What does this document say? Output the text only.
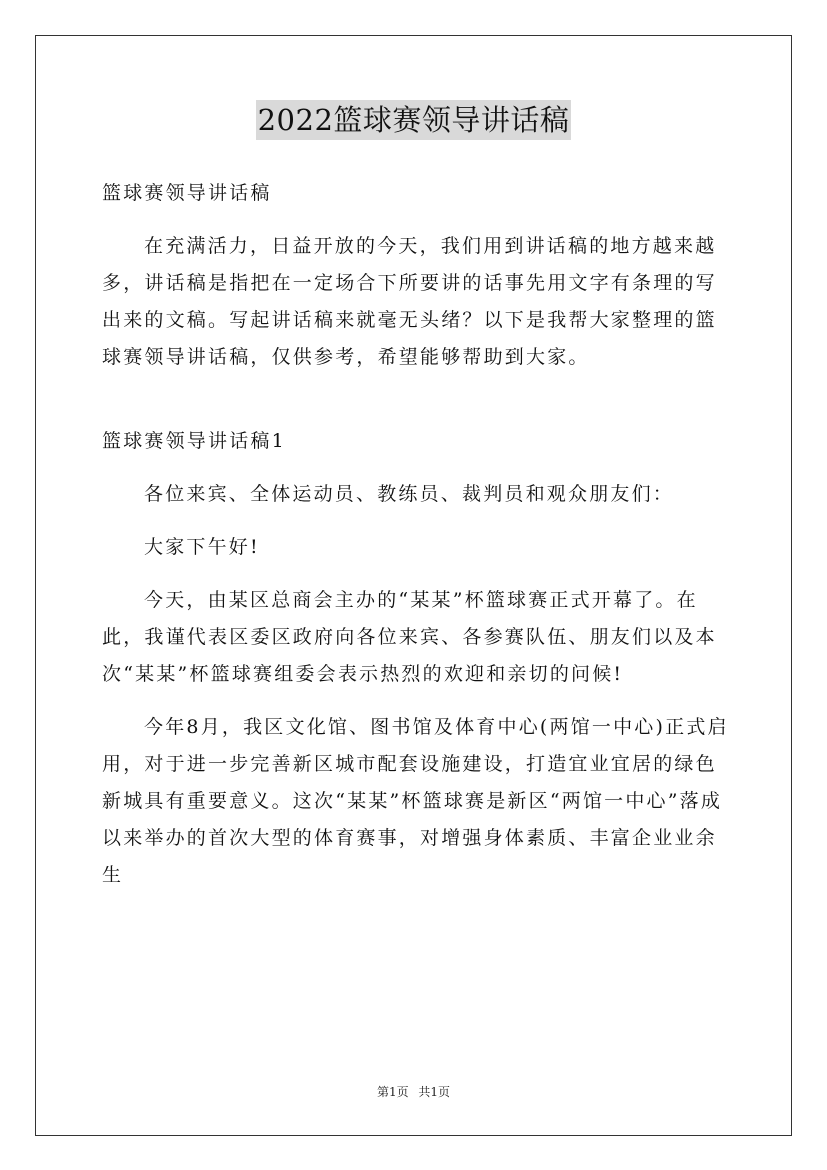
2022篮球赛领导讲话稿

篮球赛领导讲话稿

在充满活力，日益开放的今天，我们用到讲话稿的地方越来越多，讲话稿是指把在一定场合下所要讲的话事先用文字有条理的写出来的文稿。写起讲话稿来就毫无头绪？以下是我帮大家整理的篮球赛领导讲话稿，仅供参考，希望能够帮助到大家。

篮球赛领导讲话稿1

各位来宾、全体运动员、教练员、裁判员和观众朋友们：

大家下午好!

今天，由某区总商会主办的“某某”杯篮球赛正式开幕了。在此，我谨代表区委区政府向各位来宾、各参赛队伍、朋友们以及本次“某某”杯篮球赛组委会表示热烈的欢迎和亲切的问候!

今年8月，我区文化馆、图书馆及体育中心(两馆一中心)正式启用，对于进一步完善新区城市配套设施建设，打造宜业宜居的绿色新城具有重要意义。这次“某某”杯篮球赛是新区“两馆一中心”落成以来举办的首次大型的体育赛事，对增强身体素质、丰富企业业余生

第1页 共1页
